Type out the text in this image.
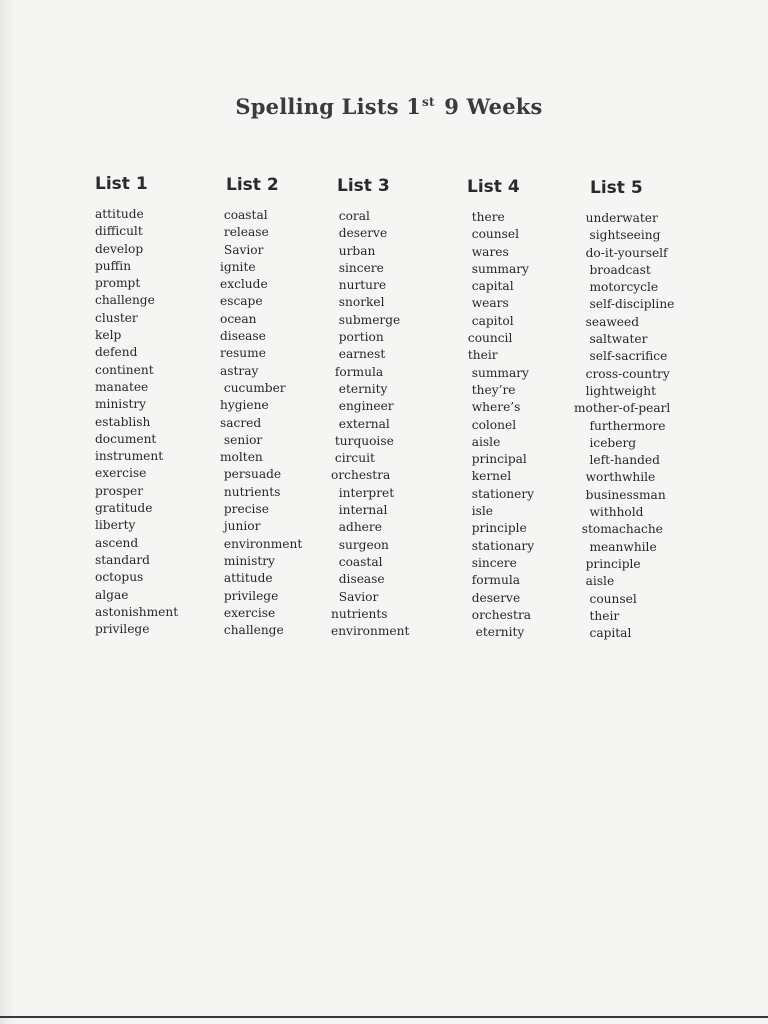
Spelling Lists 1st 9 Weeks
List 1
attitude
difficult
develop
puffin
prompt
challenge
cluster
kelp
defend
continent
manatee
ministry
establish
document
instrument
exercise
prosper
gratitude
liberty
ascend
standard
octopus
algae
astonishment
privilege
List 2
coastal
release
Savior
ignite
exclude
escape
ocean
disease
resume
astray
cucumber
hygiene
sacred
senior
molten
persuade
nutrients
precise
junior
environment
ministry
attitude
privilege
exercise
challenge
List 3
coral
deserve
urban
sincere
nurture
snorkel
submerge
portion
earnest
formula
eternity
engineer
external
turquoise
circuit
orchestra
interpret
internal
adhere
surgeon
coastal
disease
Savior
nutrients
environment
List 4
there
counsel
wares
summary
capital
wears
capitol
council
their
summary
they’re
where’s
colonel
aisle
principal
kernel
stationery
isle
principle
stationary
sincere
formula
deserve
orchestra
eternity
List 5
underwater
sightseeing
do-it-yourself
broadcast
motorcycle
self-discipline
seaweed
saltwater
self-sacrifice
cross-country
lightweight
mother-of-pearl
furthermore
iceberg
left-handed
worthwhile
businessman
withhold
stomachache
meanwhile
principle
aisle
counsel
their
capital
